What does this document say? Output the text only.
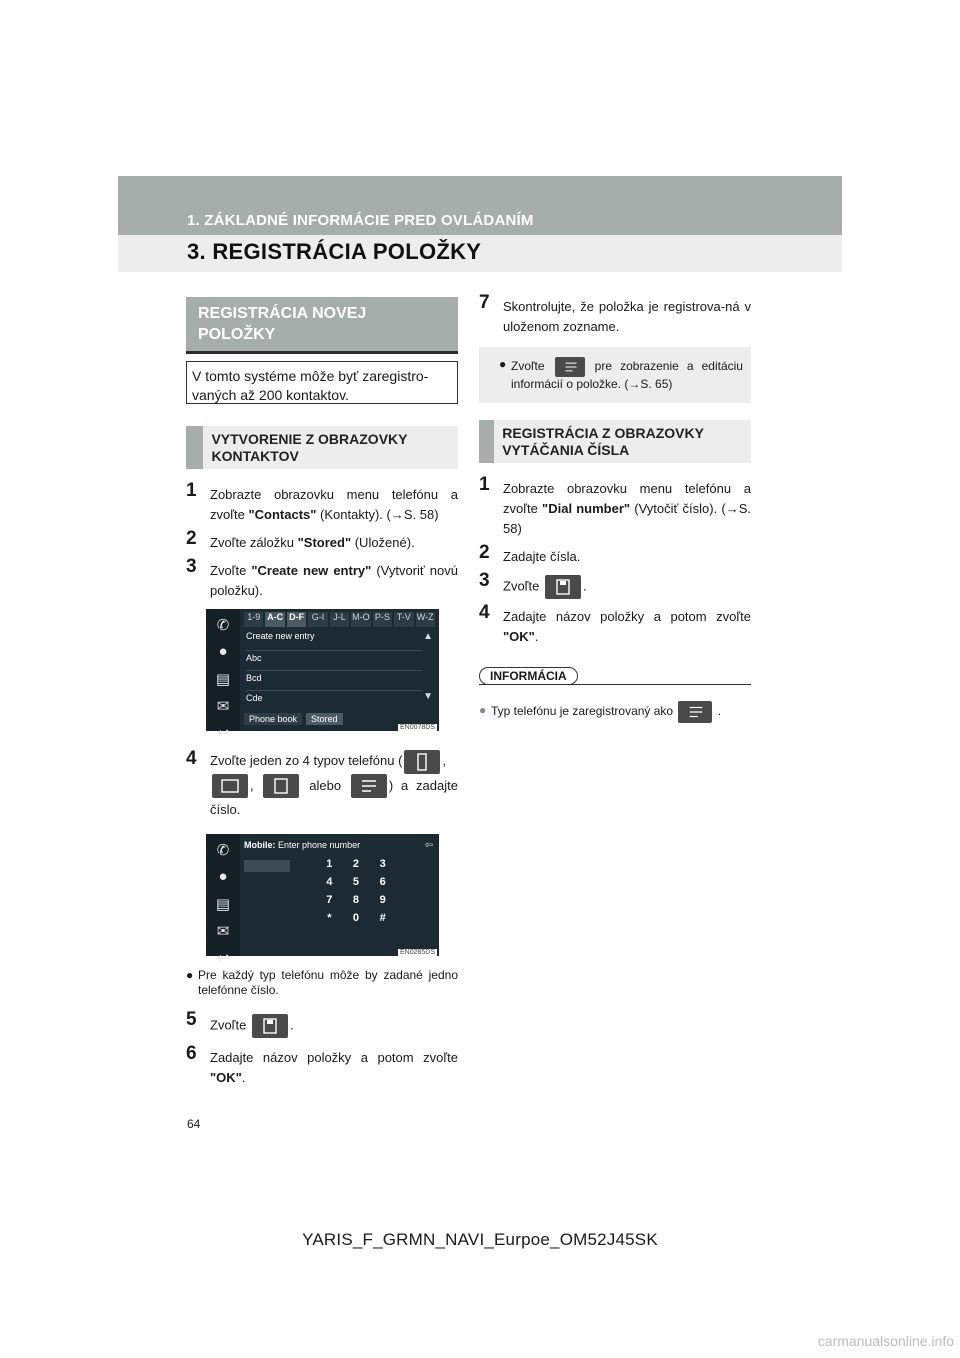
1. ZÁKLADNÉ INFORMÁCIE PRED OVLÁDANÍM
3. REGISTRÁCIA POLOŽKY
REGISTRÁCIA NOVEJ POLOŽKY
V tomto systéme môže byť zaregistro-vaných až 200 kontaktov.
VYTVORENIE Z OBRAZOVKY KONTAKTOV
1 Zobrazte obrazovku menu telefónu a zvoľte "Contacts" (Kontakty). (→S. 58)
2 Zvoľte záložku "Stored" (Uložené).
3 Zvoľte "Create new entry" (Vytvoriť novú položku).
✆
●
▤
✉
↩
1-9 A-C D-F G-I J-L M-O P-S T-V W-Z
Create new entry
Abc
Bcd
Cde
▲
▼
Phone book	Stored
EN0078DS
4 Zvoľte jeden zo 4 typov telefónu (	,

,	alebo	) a zadajte číslo.
✆
●
▤
✉
↩
Mobile: Enter phone number
1	2	3
4	5	6
7	8	9
*	0	#
⇦
EN0285DS
● Pre každý typ telefónu môže by zadané jedno telefónne číslo.
5 Zvoľte	.
6 Zadajte názov položky a potom zvoľte "OK".
7 Skontrolujte, že položka je registrova-ná v uloženom zozname.
● Zvoľte	pre zobrazenie a editáciu informácií o položke. (→S. 65)
REGISTRÁCIA Z OBRAZOVKY VYTÁČANIA ČÍSLA
1 Zobrazte obrazovku menu telefónu a zvoľte "Dial number" (Vytočiť číslo). (→S. 58)
2 Zadajte čísla.
3 Zvoľte	.
4 Zadajte názov položky a potom zvoľte "OK".
INFORMÁCIA
● Typ telefónu je zaregistrovaný ako	.
64
YARIS_F_GRMN_NAVI_Eurpoe_OM52J45SK
carmanualsonline.info
